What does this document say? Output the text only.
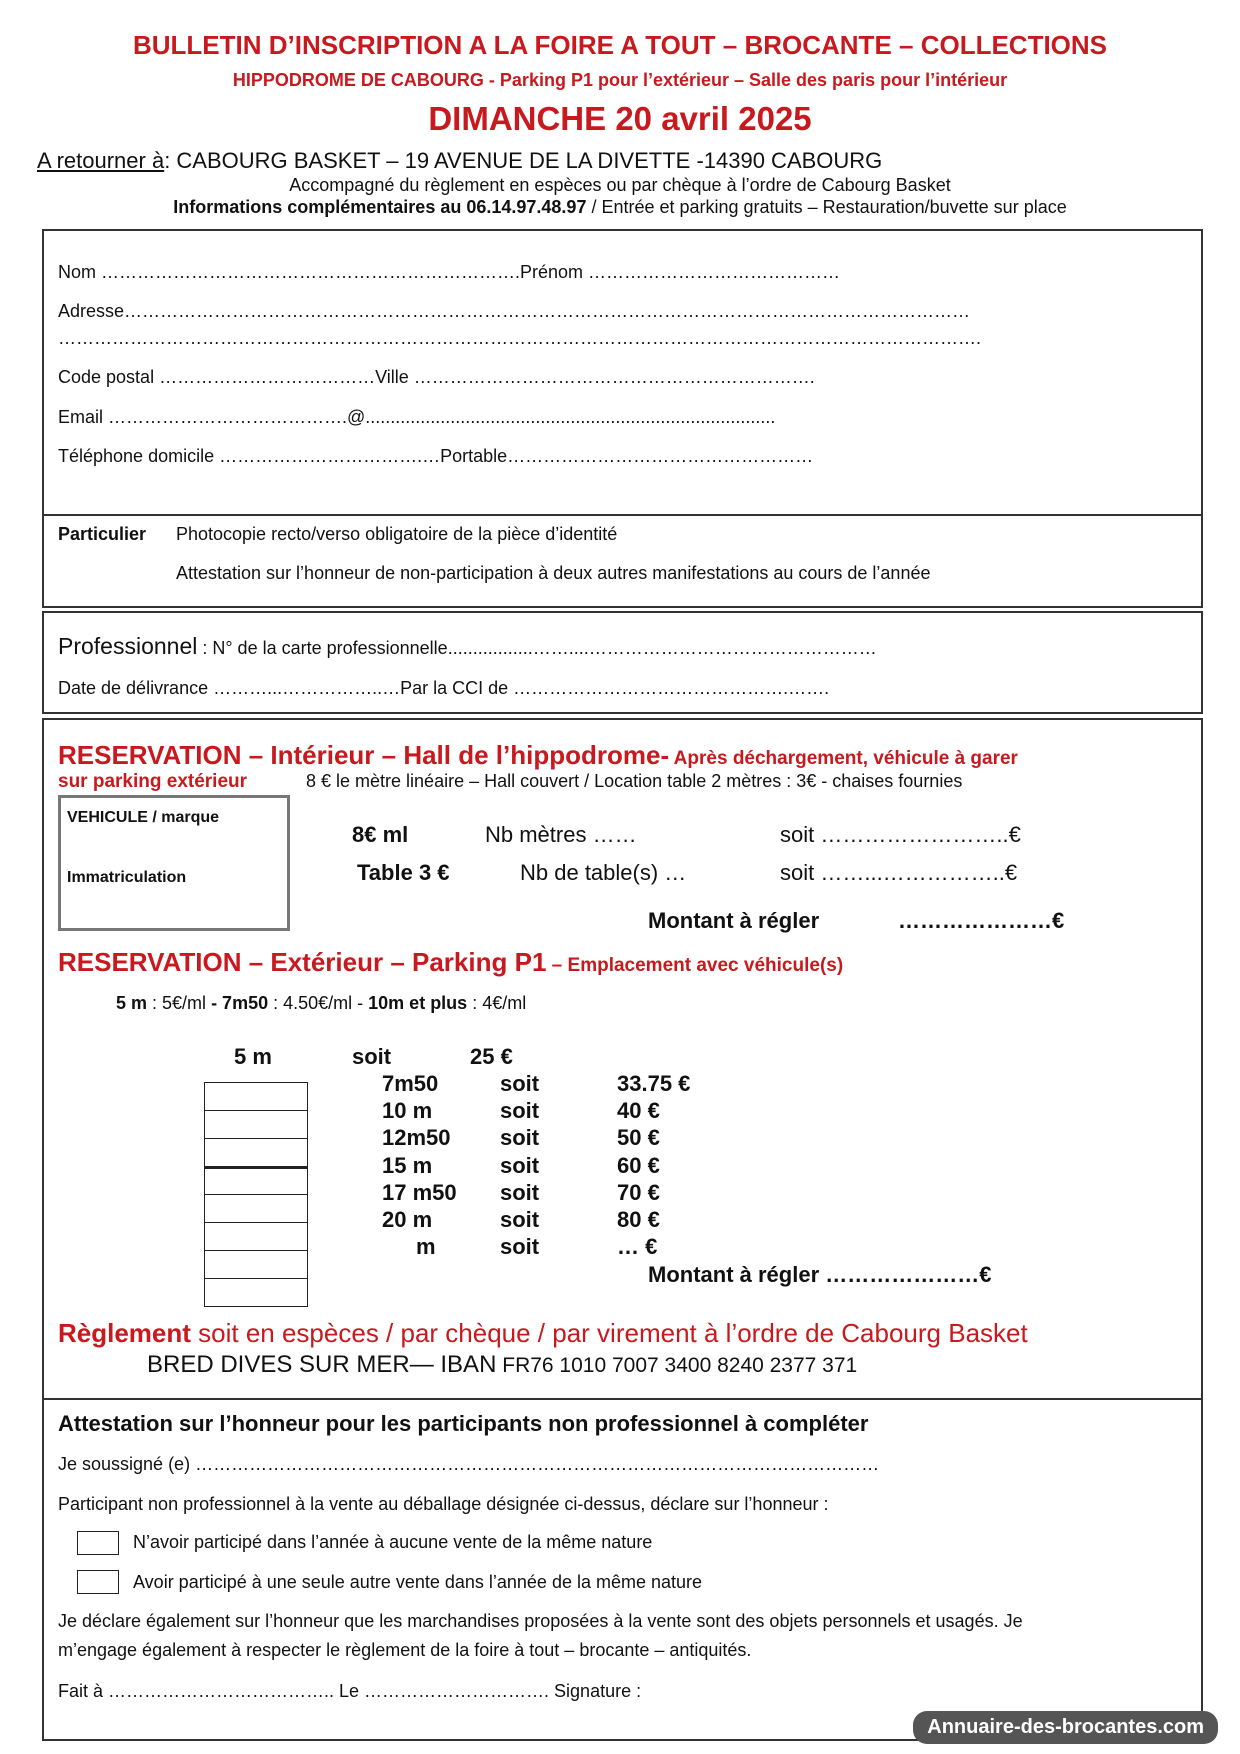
BULLETIN D’INSCRIPTION A LA FOIRE A TOUT – BROCANTE – COLLECTIONS
HIPPODROME DE CABOURG - Parking P1 pour l’extérieur – Salle des paris pour l’intérieur
DIMANCHE 20 avril 2025
A retourner à: CABOURG BASKET – 19 AVENUE DE LA DIVETTE -14390 CABOURG
Accompagné du règlement en espèces ou par chèque à l’ordre de Cabourg Basket
Informations complémentaires au 06.14.97.48.97 / Entrée et parking gratuits – Restauration/buvette sur place
Nom …………………………………………………………….Prénom ……………………………………
Adresse……………………………………………………………………………………………………………………………
……………………………………………………………………………………………………………………………………….
Code postal ………………………………Ville ………………………………………………………….
Email ………………………………….@..................................................................................
Téléphone domicile …………………………….…Portable……………………………………………
Particulier Photocopie recto/verso obligatoire de la pièce d’identité
Attestation sur l’honneur de non-participation à deux autres manifestations au cours de l’année
Professionnel : N° de la carte professionnelle.................……....…………………………………………
Date de délivrance ………...……………..…Par la CCI de ……………………………………….…….
RESERVATION – Intérieur – Hall de l’hippodrome- Après déchargement, véhicule à garer
sur parking extérieur	8 € le mètre linéaire – Hall couvert / Location table 2 mètres : 3€ - chaises fournies
VEHICULE / marque
Immatriculation
8€ ml	Nb mètres ……	soit ……………………..€
Table 3 €	Nb de table(s) …	soit ……...……………..€
Montant à régler	…………………€
RESERVATION – Extérieur – Parking P1 – Emplacement avec véhicule(s)
5 m : 5€/ml - 7m50 : 4.50€/ml - 10m et plus : 4€/ml
5 m	soit	25 €
7m50	soit	33.75 €
10 m	soit	40 €
12m50 soit	50 €
15 m	soit	60 €
17 m50 soit	70 €
20 m	soit	80 €
m	soit	… €
Montant à régler …………………€
Règlement soit en espèces / par chèque / par virement à l’ordre de Cabourg Basket
BRED DIVES SUR MER— IBAN FR76 1010 7007 3400 8240 2377 371
Attestation sur l’honneur pour les participants non professionnel à compléter
Je soussigné (e) ……………………………………………………………………………………………………
Participant non professionnel à la vente au déballage désignée ci-dessus, déclare sur l’honneur :
N’avoir participé dans l’année à aucune vente de la même nature
Avoir participé à une seule autre vente dans l’année de la même nature
Je déclare également sur l’honneur que les marchandises proposées à la vente sont des objets personnels et usagés. Je
m’engage également à respecter le règlement de la foire à tout – brocante – antiquités.
Fait à ……………………………….. Le …………………………. Signature :
Annuaire-des-brocantes.com
